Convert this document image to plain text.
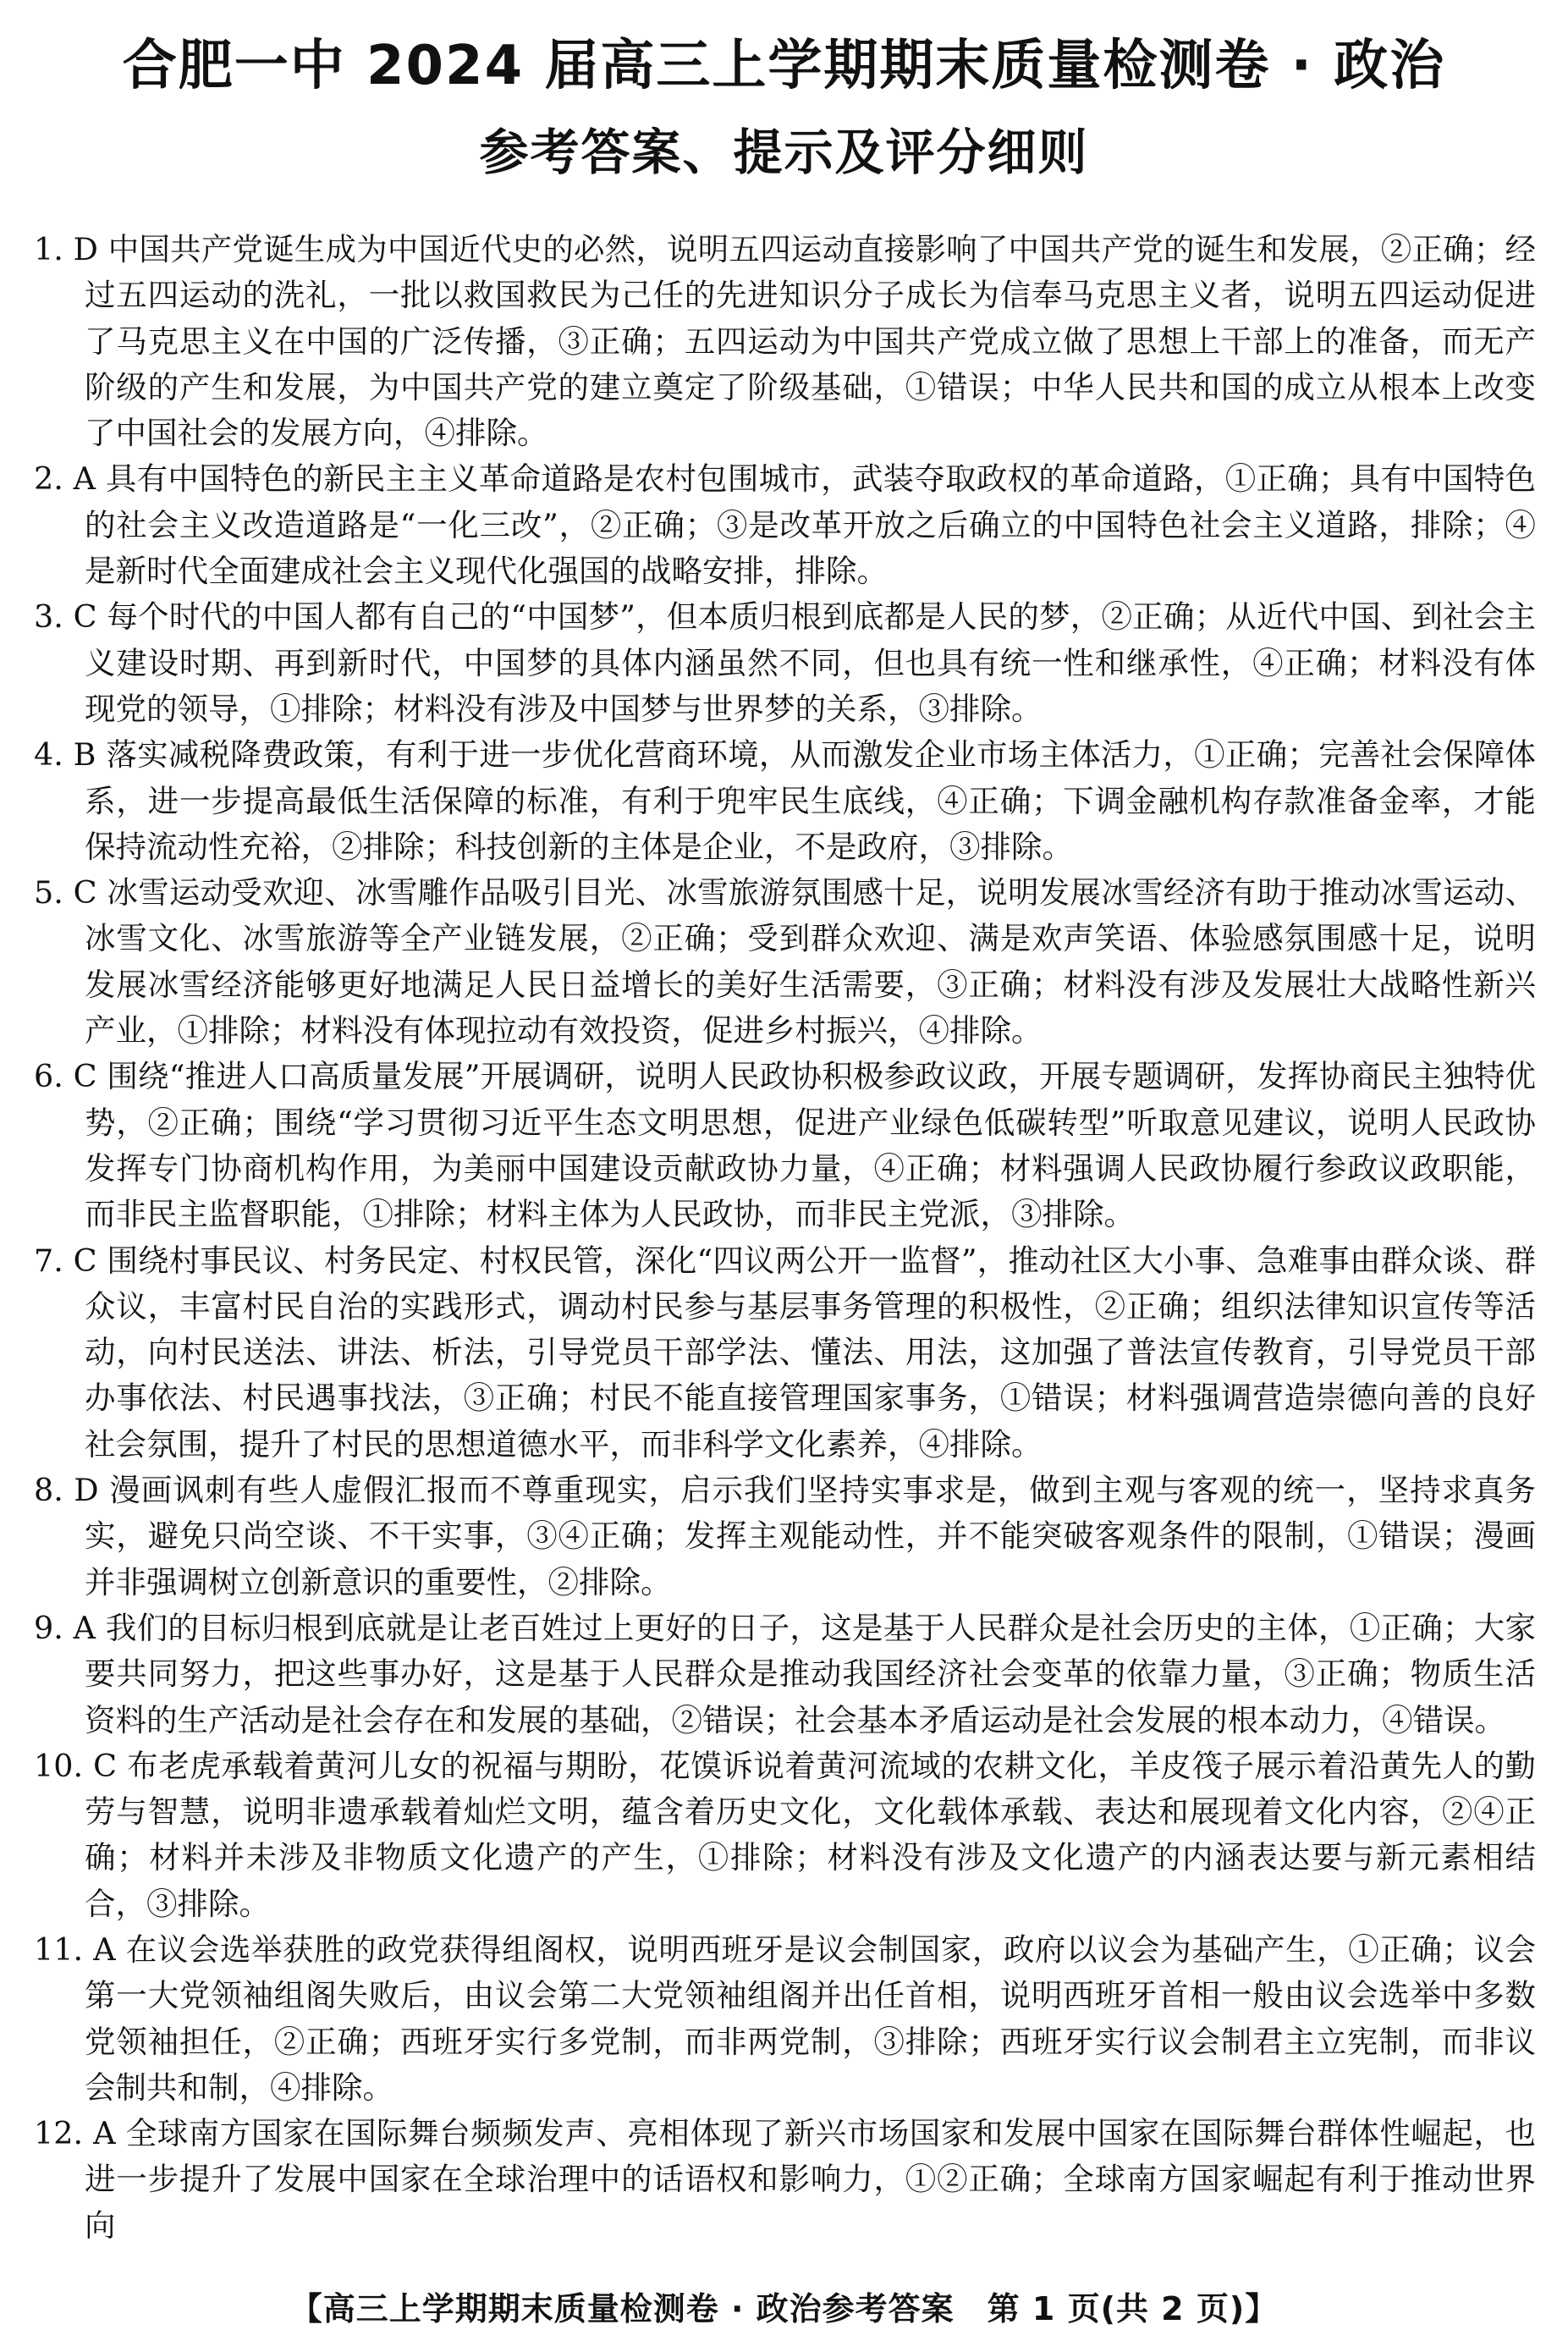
合肥一中 2024 届高三上学期期末质量检测卷 · 政治
参考答案、提示及评分细则

1. D 中国共产党诞生成为中国近代史的必然，说明五四运动直接影响了中国共产党的诞生和发展，②正确；经过五四运动的洗礼，一批以救国救民为己任的先进知识分子成长为信奉马克思主义者，说明五四运动促进了马克思主义在中国的广泛传播，③正确；五四运动为中国共产党成立做了思想上干部上的准备，而无产阶级的产生和发展，为中国共产党的建立奠定了阶级基础，①错误；中华人民共和国的成立从根本上改变了中国社会的发展方向，④排除。

2. A 具有中国特色的新民主主义革命道路是农村包围城市，武装夺取政权的革命道路，①正确；具有中国特色的社会主义改造道路是“一化三改”，②正确；③是改革开放之后确立的中国特色社会主义道路，排除；④是新时代全面建成社会主义现代化强国的战略安排，排除。

3. C 每个时代的中国人都有自己的“中国梦”，但本质归根到底都是人民的梦，②正确；从近代中国、到社会主义建设时期、再到新时代，中国梦的具体内涵虽然不同，但也具有统一性和继承性，④正确；材料没有体现党的领导，①排除；材料没有涉及中国梦与世界梦的关系，③排除。

4. B 落实减税降费政策，有利于进一步优化营商环境，从而激发企业市场主体活力，①正确；完善社会保障体系，进一步提高最低生活保障的标准，有利于兜牢民生底线，④正确；下调金融机构存款准备金率，才能保持流动性充裕，②排除；科技创新的主体是企业，不是政府，③排除。

5. C 冰雪运动受欢迎、冰雪雕作品吸引目光、冰雪旅游氛围感十足，说明发展冰雪经济有助于推动冰雪运动、冰雪文化、冰雪旅游等全产业链发展，②正确；受到群众欢迎、满是欢声笑语、体验感氛围感十足，说明发展冰雪经济能够更好地满足人民日益增长的美好生活需要，③正确；材料没有涉及发展壮大战略性新兴产业，①排除；材料没有体现拉动有效投资，促进乡村振兴，④排除。

6. C 围绕“推进人口高质量发展”开展调研，说明人民政协积极参政议政，开展专题调研，发挥协商民主独特优势，②正确；围绕“学习贯彻习近平生态文明思想，促进产业绿色低碳转型”听取意见建议，说明人民政协发挥专门协商机构作用，为美丽中国建设贡献政协力量，④正确；材料强调人民政协履行参政议政职能，而非民主监督职能，①排除；材料主体为人民政协，而非民主党派，③排除。

7. C 围绕村事民议、村务民定、村权民管，深化“四议两公开一监督”，推动社区大小事、急难事由群众谈、群众议，丰富村民自治的实践形式，调动村民参与基层事务管理的积极性，②正确；组织法律知识宣传等活动，向村民送法、讲法、析法，引导党员干部学法、懂法、用法，这加强了普法宣传教育，引导党员干部办事依法、村民遇事找法，③正确；村民不能直接管理国家事务，①错误；材料强调营造崇德向善的良好社会氛围，提升了村民的思想道德水平，而非科学文化素养，④排除。

8. D 漫画讽刺有些人虚假汇报而不尊重现实，启示我们坚持实事求是，做到主观与客观的统一，坚持求真务实，避免只尚空谈、不干实事，③④正确；发挥主观能动性，并不能突破客观条件的限制，①错误；漫画并非强调树立创新意识的重要性，②排除。

9. A 我们的目标归根到底就是让老百姓过上更好的日子，这是基于人民群众是社会历史的主体，①正确；大家要共同努力，把这些事办好，这是基于人民群众是推动我国经济社会变革的依靠力量，③正确；物质生活资料的生产活动是社会存在和发展的基础，②错误；社会基本矛盾运动是社会发展的根本动力，④错误。

10. C 布老虎承载着黄河儿女的祝福与期盼，花馍诉说着黄河流域的农耕文化，羊皮筏子展示着沿黄先人的勤劳与智慧，说明非遗承载着灿烂文明，蕴含着历史文化，文化载体承载、表达和展现着文化内容，②④正确；材料并未涉及非物质文化遗产的产生，①排除；材料没有涉及文化遗产的内涵表达要与新元素相结合，③排除。

11. A 在议会选举获胜的政党获得组阁权，说明西班牙是议会制国家，政府以议会为基础产生，①正确；议会第一大党领袖组阁失败后，由议会第二大党领袖组阁并出任首相，说明西班牙首相一般由议会选举中多数党领袖担任，②正确；西班牙实行多党制，而非两党制，③排除；西班牙实行议会制君主立宪制，而非议会制共和制，④排除。

12. A 全球南方国家在国际舞台频频发声、亮相体现了新兴市场国家和发展中国家在国际舞台群体性崛起，也进一步提升了发展中国家在全球治理中的话语权和影响力，①②正确；全球南方国家崛起有利于推动世界向

【高三上学期期末质量检测卷 · 政治参考答案　第 1 页(共 2 页)】
